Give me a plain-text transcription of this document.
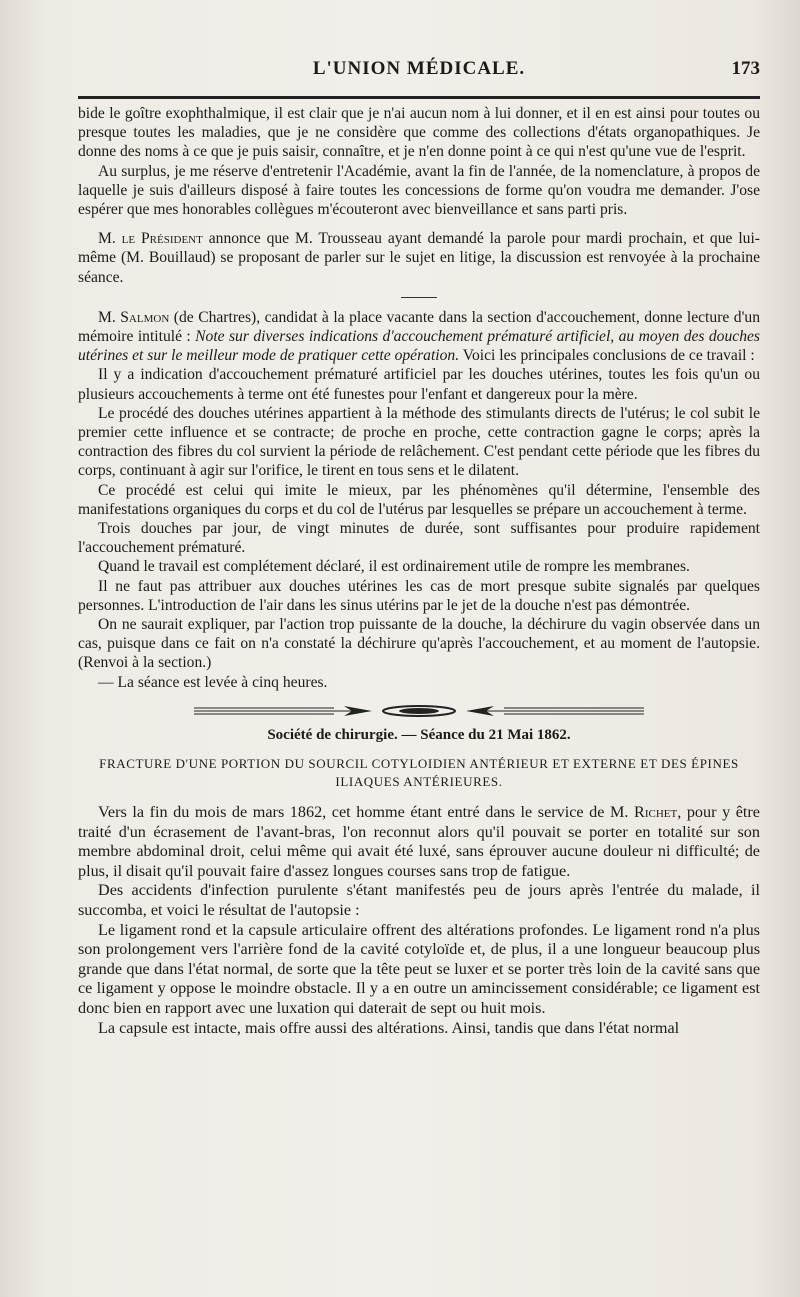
L'UNION MÉDICALE.	173

bide le goître exophthalmique, il est clair que je n'ai aucun nom à lui donner, et il en est ainsi pour toutes ou presque toutes les maladies, que je ne considère que comme des collections d'états organopathiques. Je donne des noms à ce que je puis saisir, connaître, et je n'en donne point à ce qui n'est qu'une vue de l'esprit.

Au surplus, je me réserve d'entretenir l'Académie, avant la fin de l'année, de la nomenclature, à propos de laquelle je suis d'ailleurs disposé à faire toutes les concessions de forme qu'on voudra me demander. J'ose espérer que mes honorables collègues m'écouteront avec bienveillance et sans parti pris.

M. le Président annonce que M. Trousseau ayant demandé la parole pour mardi prochain, et que lui-même (M. Bouillaud) se proposant de parler sur le sujet en litige, la discussion est renvoyée à la prochaine séance.

M. Salmon (de Chartres), candidat à la place vacante dans la section d'accouchement, donne lecture d'un mémoire intitulé : Note sur diverses indications d'accouchement prématuré artificiel, au moyen des douches utérines et sur le meilleur mode de pratiquer cette opération. Voici les principales conclusions de ce travail :

Il y a indication d'accouchement prématuré artificiel par les douches utérines, toutes les fois qu'un ou plusieurs accouchements à terme ont été funestes pour l'enfant et dangereux pour la mère.

Le procédé des douches utérines appartient à la méthode des stimulants directs de l'utérus; le col subit le premier cette influence et se contracte; de proche en proche, cette contraction gagne le corps; après la contraction des fibres du col survient la période de relâchement. C'est pendant cette période que les fibres du corps, continuant à agir sur l'orifice, le tirent en tous sens et le dilatent.

Ce procédé est celui qui imite le mieux, par les phénomènes qu'il détermine, l'ensemble des manifestations organiques du corps et du col de l'utérus par lesquelles se prépare un accouchement à terme.

Trois douches par jour, de vingt minutes de durée, sont suffisantes pour produire rapidement l'accouchement prématuré.

Quand le travail est complétement déclaré, il est ordinairement utile de rompre les membranes.

Il ne faut pas attribuer aux douches utérines les cas de mort presque subite signalés par quelques personnes. L'introduction de l'air dans les sinus utérins par le jet de la douche n'est pas démontrée.

On ne saurait expliquer, par l'action trop puissante de la douche, la déchirure du vagin observée dans un cas, puisque dans ce fait on n'a constaté la déchirure qu'après l'accouchement, et au moment de l'autopsie. (Renvoi à la section.)

— La séance est levée à cinq heures.

Société de chirurgie. — Séance du 21 Mai 1862.
FRACTURE D'UNE PORTION DU SOURCIL COTYLOIDIEN ANTÉRIEUR ET EXTERNE ET DES ÉPINES ILIAQUES ANTÉRIEURES.

Vers la fin du mois de mars 1862, cet homme étant entré dans le service de M. Richet, pour y être traité d'un écrasement de l'avant-bras, l'on reconnut alors qu'il pouvait se porter en totalité sur son membre abdominal droit, celui même qui avait été luxé, sans éprouver aucune douleur ni difficulté; de plus, il disait qu'il pouvait faire d'assez longues courses sans trop de fatigue.

Des accidents d'infection purulente s'étant manifestés peu de jours après l'entrée du malade, il succomba, et voici le résultat de l'autopsie :

Le ligament rond et la capsule articulaire offrent des altérations profondes. Le ligament rond n'a plus son prolongement vers l'arrière fond de la cavité cotyloïde et, de plus, il a une longueur beaucoup plus grande que dans l'état normal, de sorte que la tête peut se luxer et se porter très loin de la cavité sans que ce ligament y oppose le moindre obstacle. Il y a en outre un amincissement considérable; ce ligament est donc bien en rapport avec une luxation qui daterait de sept ou huit mois.

La capsule est intacte, mais offre aussi des altérations. Ainsi, tandis que dans l'état normal
